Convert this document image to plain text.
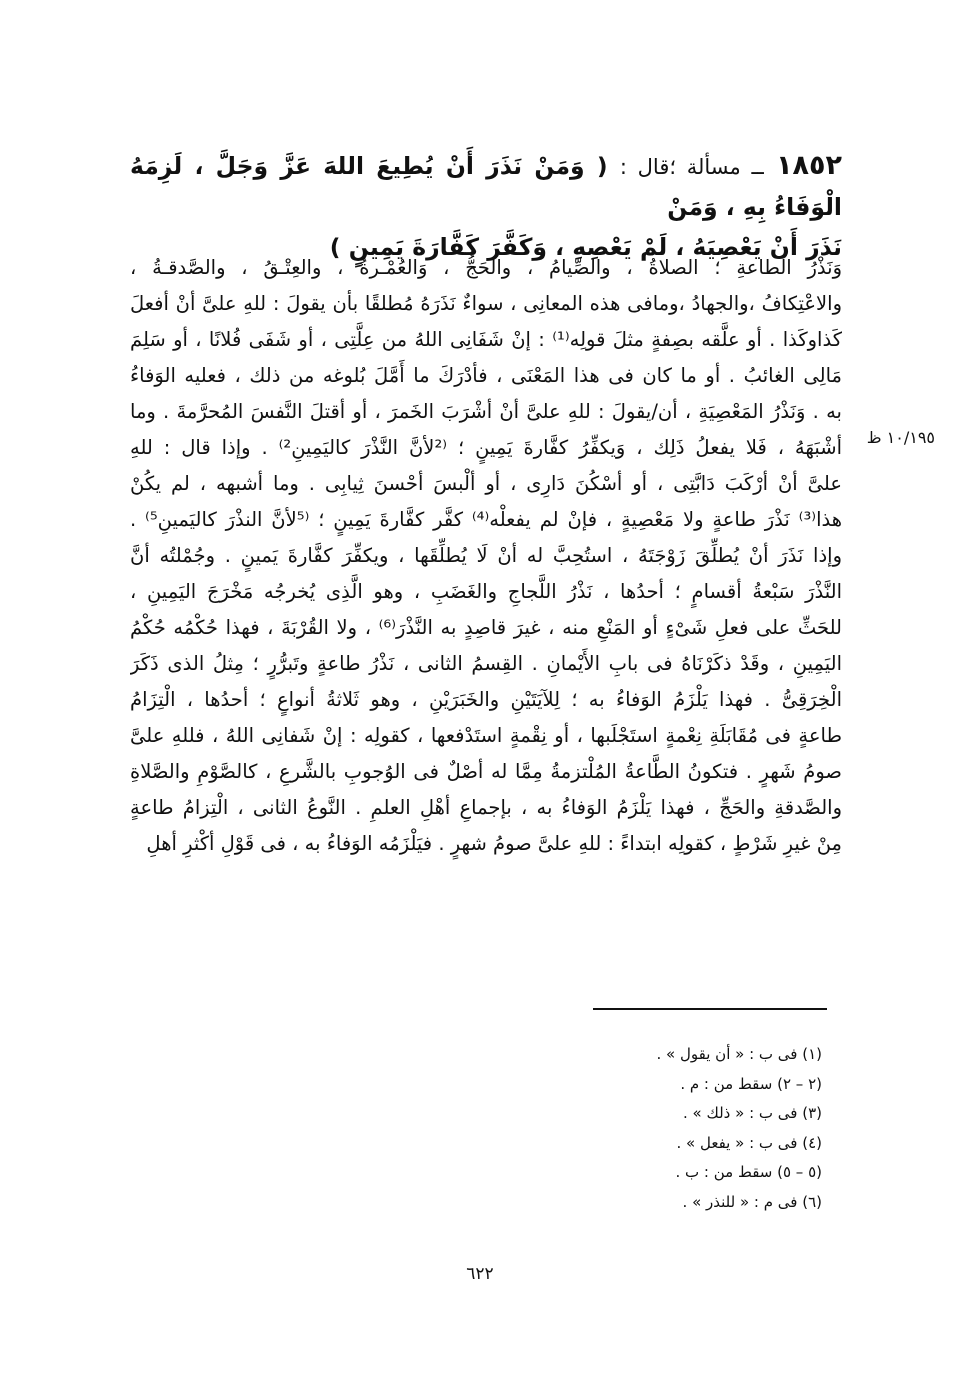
١٨٥٢ ــ مسألة ؛قال : ( وَمَنْ نَذَرَ أَنْ يُطِيعَ اللهَ عَزَّ وَجَلَّ ، لَزِمَهُ الْوَفَاءُ بِهِ ، وَمَنْ
نَذَرَ أَنْ يَعْصِيَهُ ، لَمْ يَعْصِهِ ، وَكَفَّرَ كَفَّارَةَ يَمِينٍ )
وَنَذْرُ الطاعةِ ؛ الصلاةُ ، والصِّيامُ ، والحَجُّ ، وَالعُمْـرةُ ، والعِتْـقُ ، والصَّدقـةُ ،
والاعْتِكافُ ،والجهادُ ،ومافى هذه المعانِى ، سواءٌ نَذَرَهُ مُطلقًا بأن يقولَ : للهِ علىَّ أنْ أفعلَ
كَذاوكَذا . أو علَّقه بصِفةٍ مثلَ قولِه⁽¹⁾ : إنْ شَفَانِى اللهُ من عِلَّتِى ، أو شَفَى فُلانًا ، أو سَلِمَ
مَالِى الغائبُ . أو ما كان فى هذا المَعْنَى ، فأدْرَكَ ما أَمَّلَ بُلوغه من ذلك ، فعليه الوَفاءُ
به . وَنَذْرُ المَعْصِيَةِ ، أن/يقولَ : للهِ علىَّ أنْ أشْرَبَ الخَمرَ ، أو أقتلَ النَّفسَ المُحرَّمةَ . وما
أشْبَهَهُ ، فَلا يفعلُ ذَلِك ، وَيكفِّرُ كفَّارةَ يَمِينٍ ؛ ⁽²لأنَّ النَّذْرَ كاليَمِينِ²⁾ . وإذا قال : للهِ
علىَّ أنْ أرْكَبَ دَابَّتِى ، أو أسْكُنَ دَارِى ، أو ألْبسَ أحْسنَ ثِيابِى . وما أشبهه ، لم يكُنْ
هذا⁽³⁾ نَذْرَ طاعةٍ ولا مَعْصِيةٍ ، فإنْ لم يفعلْه⁽⁴⁾ كفَّر كفَّارةَ يَمِينٍ ؛ ⁽⁵لأنَّ النذْرَ كاليَمينِ⁵⁾ .
وإذا نَذَرَ أنْ يُطلِّقَ زَوْجَتَهُ ، استُحِبَّ له أنْ لَا يُطلِّقَها ، ويكفِّرَ كفَّارةَ يَمينٍ . وجُمْلتُه أنَّ
النَّذْرَ سَبْعةُ أقسامٍ ؛ أحدُها ، نَذْرُ اللَّجاجِ والغَضَبِ ، وهو الَّذِى يُخرجُه مَخْرَجَ اليَمِينِ ،
للحَثِّ على فعلِ شَىْءٍ أو المَنْعِ منه ، غيرَ قاصِدٍ به النَّذْرَ⁽⁶⁾ ، ولا القُرْبَةَ ، فهذا حُكْمُه حُكْمُ
اليَمِينِ ، وقَدْ ذكَرْنَاهُ فى بابِ الأَيْمانِ . القِسمُ الثانى ، نَذْرُ طاعةٍ وتَبرُّرٍ ؛ مِثلُ الذى ذَكَرَ
الْخِرَقِىُّ . فهذا يَلْزَمُ الوَفاءُ به ؛ لِلآيَتَيْنِ والخَبَرَيْنِ ، وهو ثَلاثةُ أنواعٍ ؛ أحدُها ، الْتِزَامُ
طاعةٍ فى مُقَابَلَةِ نِعْمةٍ استَجْلَبها ، أو نِقْمةٍ استَدْفعها ، كقولِه : إنْ شَفانِى اللهُ ، فللهِ علىَّ
صومُ شَهرٍ . فتكونُ الطَّاعةُ المُلْتزمةُ مِمَّا له أصْلٌ فى الوُجوبِ بالشَّرعِ ، كالصَّوْمِ والصَّلاةِ
والصَّدقةِ والحَجِّ ، فهذا يَلْزَمُ الوَفاءُ به ، بإجماعِ أهْلِ العلمِ . النَّوعُ الثانى ، الْتِزامُ طاعةٍ
مِنْ غيرِ شَرْطٍ ، كقولِه ابتداءً : للهِ علىَّ صومُ شهرٍ . فيَلْزَمُه الوَفاءُ به ، فى قَوْلِ أكْثرِ أهلِ
١٠/١٩٥ ظ
(١) فى ب : « أن يقول » .
(٢ – ٢) سقط من : م .
(٣) فى ب : « ذلك » .
(٤) فى ب : « يفعل » .
(٥ – ٥) سقط من : ب .
(٦) فى م : « للنذر » .
٦٢٢
